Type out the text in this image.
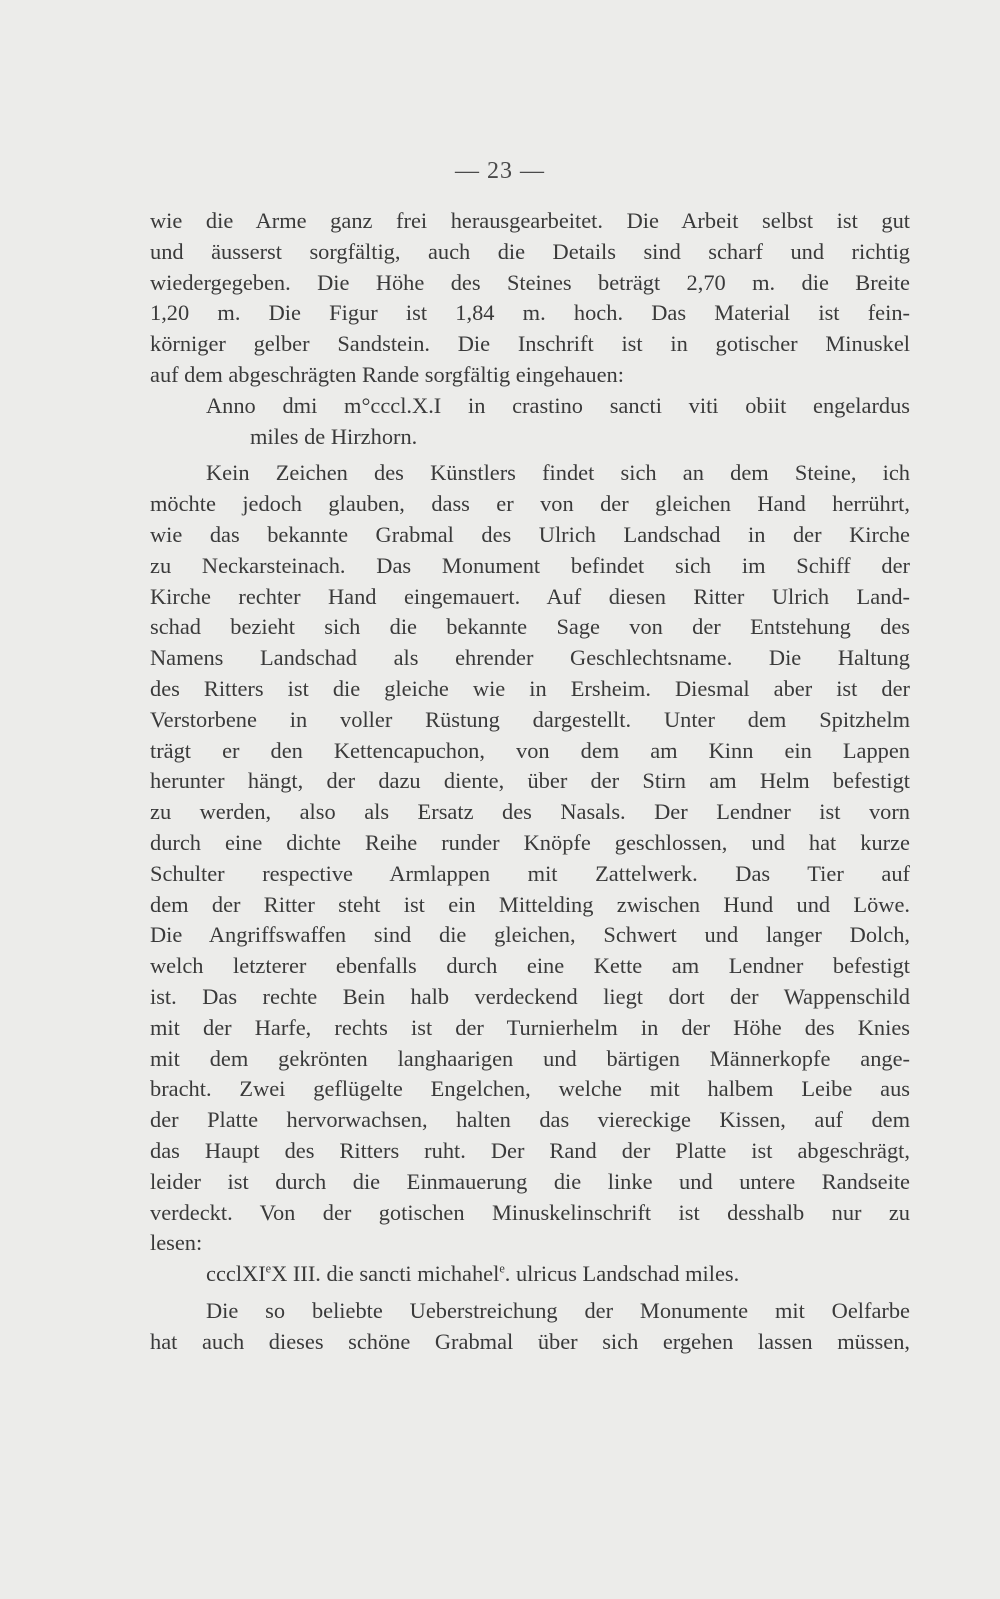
— 23 —
wie die Arme ganz frei herausgearbeitet. Die Arbeit selbst ist gut
und äusserst sorgfältig, auch die Details sind scharf und richtig
wiedergegeben. Die Höhe des Steines beträgt 2,70 m. die Breite
1,20 m. Die Figur ist 1,84 m. hoch. Das Material ist fein-
körniger gelber Sandstein. Die Inschrift ist in gotischer Minuskel
auf dem abgeschrägten Rande sorgfältig eingehauen:
Anno dmi m°cccl.X.I in crastino sancti viti obiit engelardus
miles de Hirzhorn.
Kein Zeichen des Künstlers findet sich an dem Steine, ich
möchte jedoch glauben, dass er von der gleichen Hand herrührt,
wie das bekannte Grabmal des Ulrich Landschad in der Kirche
zu Neckarsteinach. Das Monument befindet sich im Schiff der
Kirche rechter Hand eingemauert. Auf diesen Ritter Ulrich Land-
schad bezieht sich die bekannte Sage von der Entstehung des
Namens Landschad als ehrender Geschlechtsname. Die Haltung
des Ritters ist die gleiche wie in Ersheim. Diesmal aber ist der
Verstorbene in voller Rüstung dargestellt. Unter dem Spitzhelm
trägt er den Kettencapuchon, von dem am Kinn ein Lappen
herunter hängt, der dazu diente, über der Stirn am Helm befestigt
zu werden, also als Ersatz des Nasals. Der Lendner ist vorn
durch eine dichte Reihe runder Knöpfe geschlossen, und hat kurze
Schulter respective Armlappen mit Zattelwerk. Das Tier auf
dem der Ritter steht ist ein Mittelding zwischen Hund und Löwe.
Die Angriffswaffen sind die gleichen, Schwert und langer Dolch,
welch letzterer ebenfalls durch eine Kette am Lendner befestigt
ist. Das rechte Bein halb verdeckend liegt dort der Wappenschild
mit der Harfe, rechts ist der Turnierhelm in der Höhe des Knies
mit dem gekrönten langhaarigen und bärtigen Männerkopfe ange-
bracht. Zwei geflügelte Engelchen, welche mit halbem Leibe aus
der Platte hervorwachsen, halten das viereckige Kissen, auf dem
das Haupt des Ritters ruht. Der Rand der Platte ist abgeschrägt,
leider ist durch die Einmauerung die linke und untere Randseite
verdeckt. Von der gotischen Minuskelinschrift ist desshalb nur zu
lesen:
ccclXI$^e$X III. die sancti michahel$^e$. ulricus Landschad miles.
Die so beliebte Ueberstreichung der Monumente mit Oelfarbe
hat auch dieses schöne Grabmal über sich ergehen lassen müssen,
